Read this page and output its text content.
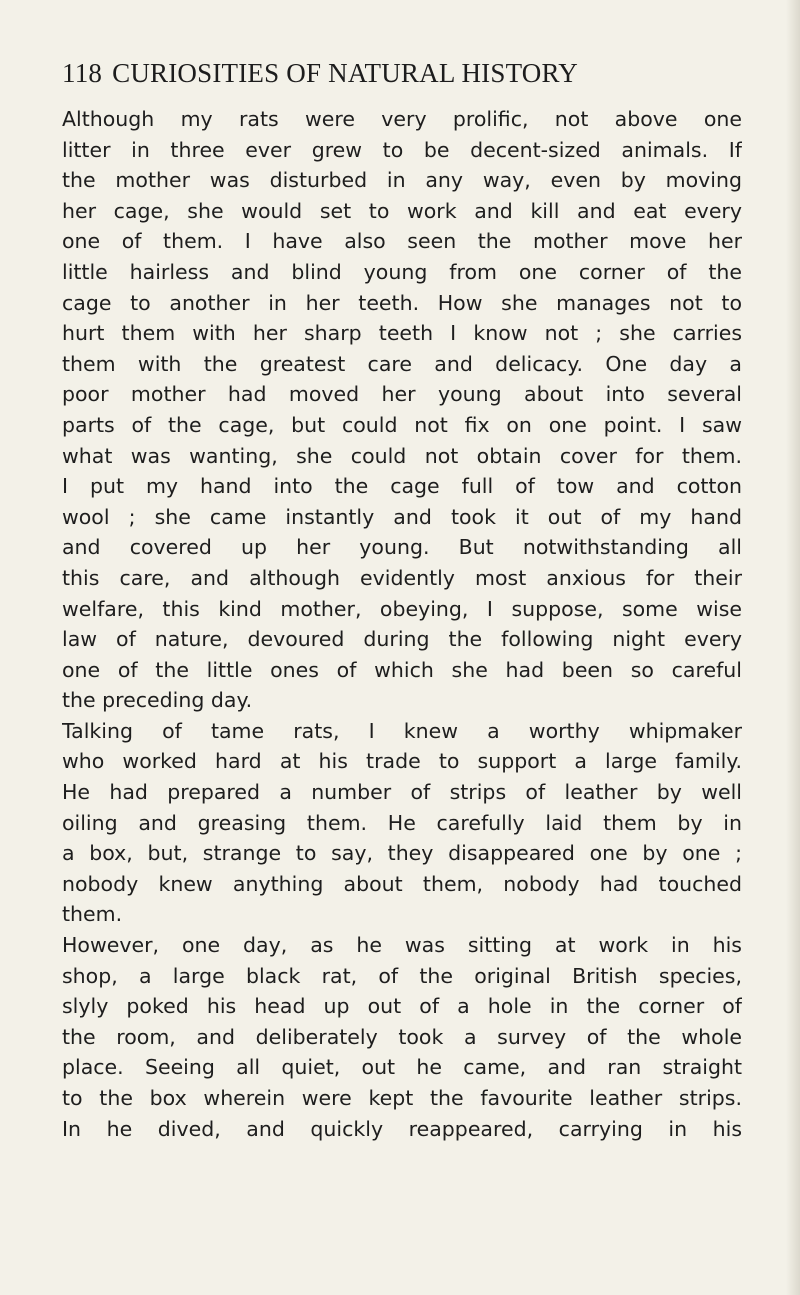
118 CURIOSITIES OF NATURAL HISTORY
Although my rats were very prolific, not above one
litter in three ever grew to be decent-sized animals. If
the mother was disturbed in any way, even by moving
her cage, she would set to work and kill and eat every
one of them. I have also seen the mother move her
little hairless and blind young from one corner of the
cage to another in her teeth. How she manages not to
hurt them with her sharp teeth I know not ; she carries
them with the greatest care and delicacy. One day a
poor mother had moved her young about into several
parts of the cage, but could not fix on one point. I saw
what was wanting, she could not obtain cover for them.
I put my hand into the cage full of tow and cotton
wool ; she came instantly and took it out of my hand
and covered up her young. But notwithstanding all
this care, and although evidently most anxious for their
welfare, this kind mother, obeying, I suppose, some wise
law of nature, devoured during the following night every
one of the little ones of which she had been so careful
the preceding day.
Talking of tame rats, I knew a worthy whipmaker
who worked hard at his trade to support a large family.
He had prepared a number of strips of leather by well
oiling and greasing them. He carefully laid them by in
a box, but, strange to say, they disappeared one by one ;
nobody knew anything about them, nobody had touched
them.
However, one day, as he was sitting at work in his
shop, a large black rat, of the original British species,
slyly poked his head up out of a hole in the corner of
the room, and deliberately took a survey of the whole
place. Seeing all quiet, out he came, and ran straight
to the box wherein were kept the favourite leather strips.
In he dived, and quickly reappeared, carrying in his
